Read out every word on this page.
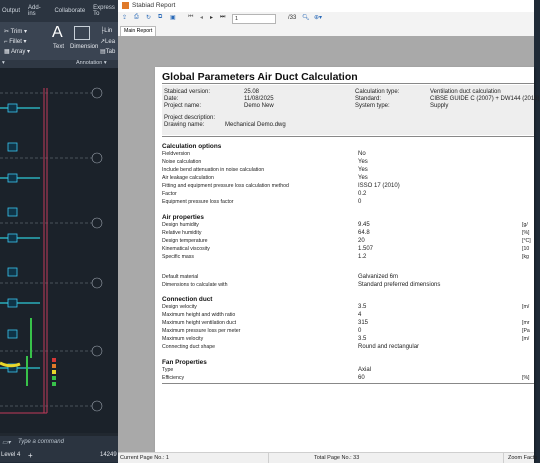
Output Add-ins	Collaborate Express To
✂ Trim ▾
⌐ Fillet ▾
▦ Array ▾
A
Text Dimension
├Lin
↗Lea
▤Tab
▾	Annotation ▾
▭▾ Type a command
Level 4 +	14249
Stabiad Report
⇪ ⎙ ↻ ⧉ ▣ ⏮ ◂ ▸ ⏭	1	/33 🔍︎ ⊕▾
Main Report
Global Parameters Air Duct Calculation
Stabicad version:	25.08
Date:	11/08/2025
Project name:	Demo New
Calculation type:	Ventilation duct calculation
Standard:	CIBSE GUIDE C (2007) + DW144 (2016)
System type:	Supply
Project description:
Drawing name:	Mechanical Demo.dwg
Calculation options
Fieldversion	No
Noise calculation	Yes
Include bend attenuation in noise calculation	Yes
Air leakage calculation	Yes
Fitting and equipment pressure loss calculation method	ISSO 17 (2010)
Factor	0.2
Equipment pressure loss factor	0
Air properties
Design humidity	9.45	[g/
Relative humidity	64.8	[%]
Design temperature	20	[°C]
Kinematical viscosity	1.507	[10
Specific mass	1.2	[kg
Default material	Galvanized 6m
Dimensions to calculate with	Standard preferred dimensions
Connection duct
Design velocity	3.5	[m/
Maximum height and width ratio	4
Maximum height ventilation duct	315	[mr
Maximum pressure loss per meter	0	[Pa
Maximum velocity	3.5	[m/
Connecting duct shape	Round and rectangular
Fan Properties
Type	Axial
Efficiency	60	[%]
Current Page No.: 1	Total Page No.: 33	Zoom Facto
